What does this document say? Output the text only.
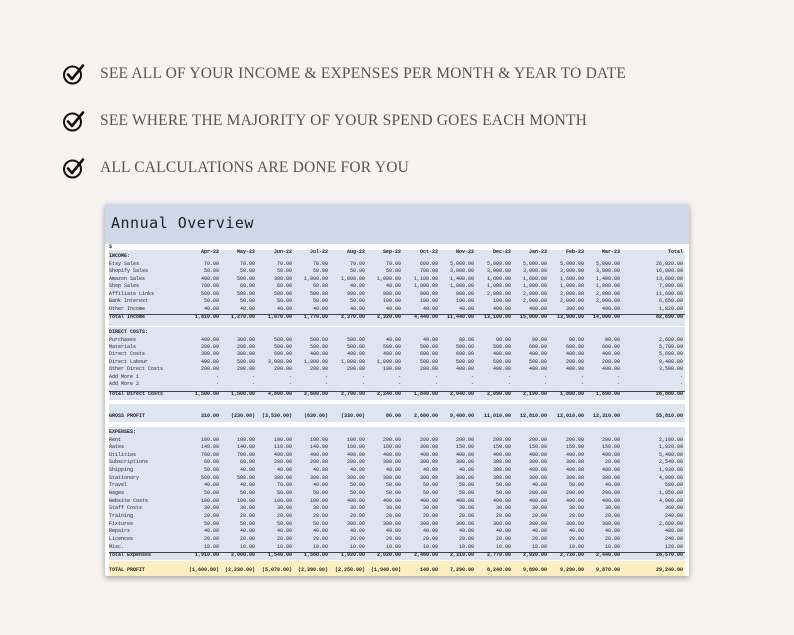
SEE ALL OF YOUR INCOME & EXPENSES PER MONTH & YEAR TO DATE
SEE WHERE THE MAJORITY OF YOUR SPEND GOES EACH MONTH
ALL CALCULATIONS ARE DONE FOR YOU
Annual Overview
$
Apr-22	May-22	Jun-22	Jul-22	Aug-22	Sep-22	Oct-22	Nov-22	Dec-22	Jan-23	Feb-23	Mar-23	Total
INCOME:
Etsy Sales	70.00	70.00	70.00	70.00	70.00	70.00	600.00	5,000.00	5,000.00	5,000.00	5,000.00	5,000.00	26,020.00
Shopify Sales	50.00	50.00	50.00	50.00	50.00	50.00	700.00	3,000.00	3,000.00	3,000.00	3,000.00	3,000.00	16,000.00
Amazon Sales	400.00	500.00	300.00	1,000.00	1,000.00	1,000.00	1,100.00	1,400.00	1,600.00	1,600.00	1,600.00	1,400.00	13,600.00
Shop Sales	700.00	60.00	60.00	60.00	40.00	40.00	1,000.00	1,000.00	1,000.00	1,000.00	1,000.00	1,000.00	7,000.00
Affiliate Links	500.00	500.00	500.00	500.00	900.00	900.00	900.00	900.00	2,000.00	2,000.00	2,000.00	2,000.00	11,600.00
Bank Interest	50.00	50.00	50.00	50.00	50.00	100.00	100.00	100.00	100.00	2,000.00	2,000.00	2,000.00	6,650.00
Other Income	40.00	40.00	40.00	40.00	40.00	40.00	40.00	40.00	400.00	400.00	300.00	400.00	1,820.00
Total Income	1,810.00	1,270.00	1,070.00	1,770.00	2,370.00	2,320.00	4,440.00	11,440.00	13,100.00	15,000.00	13,900.00	14,000.00	82,690.00
DIRECT COSTS:
Purchases	400.00	300.00	500.00	500.00	500.00	40.00	40.00	80.00	90.00	90.00	90.00	90.00	2,680.00
Materials	200.00	200.00	500.00	500.00	500.00	500.00	500.00	500.00	500.00	600.00	600.00	600.00	5,700.00
Direct Costs	300.00	300.00	600.00	400.00	400.00	400.00	600.00	600.00	400.00	400.00	400.00	400.00	5,600.00
Direct Labour	400.00	500.00	3,000.00	1,000.00	1,000.00	1,000.00	500.00	500.00	500.00	500.00	200.00	200.00	9,400.00
Other Direct Costs	200.00	200.00	200.00	200.00	200.00	100.00	200.00	400.00	400.00	400.00	400.00	400.00	3,500.00
Add More 1	-	-	-	-	-	-	-	-	-	-	-	-	-
Add More 2	-	-	-	-	-	-	-	-	-	-	-	-	-
Total Direct Costs	1,500.00	1,500.00	4,600.00	2,600.00	2,700.00	2,240.00	1,840.00	2,040.00	2,090.00	2,190.00	1,890.00	1,690.00	26,880.00
GROSS PROFIT	310.00	(230.00)	(3,530.00)	(830.00)	(330.00)	80.00	2,600.00	9,400.00	11,010.00	12,810.00	12,010.00	12,310.00	55,810.00
EXPENSES:
Rent	100.00	100.00	100.00	100.00	100.00	200.00	200.00	200.00	200.00	200.00	200.00	200.00	2,100.00
Rates	140.00	140.00	110.00	140.00	160.00	160.00	300.00	150.00	150.00	150.00	150.00	150.00	1,920.00
Utilities	700.00	700.00	400.00	400.00	400.00	400.00	400.00	400.00	400.00	400.00	400.00	400.00	5,400.00
Subscriptions	60.00	60.00	200.00	200.00	200.00	300.00	300.00	300.00	300.00	300.00	300.00	20.00	2,540.00
Shipping	50.00	40.00	40.00	40.00	40.00	40.00	40.00	40.00	300.00	400.00	400.00	400.00	1,930.00
Stationary	500.00	500.00	300.00	300.00	300.00	300.00	300.00	300.00	300.00	300.00	300.00	300.00	4,000.00
Travel	40.00	40.00	70.00	40.00	50.00	50.00	50.00	50.00	50.00	40.00	50.00	40.00	580.00
Wages	50.00	50.00	50.00	50.00	50.00	50.00	50.00	50.00	50.00	200.00	200.00	200.00	1,050.00
Website Costs	100.00	100.00	100.00	100.00	400.00	400.00	400.00	400.00	400.00	400.00	400.00	400.00	4,000.00
Staff Costs	30.00	30.00	30.00	30.00	30.00	30.00	30.00	30.00	30.00	30.00	30.00	30.00	360.00
Training	20.00	20.00	20.00	20.00	20.00	20.00	20.00	20.00	20.00	20.00	20.00	20.00	240.00
Fixtures	50.00	50.00	50.00	50.00	300.00	300.00	300.00	300.00	300.00	300.00	300.00	300.00	2,600.00
Repairs	40.00	40.00	40.00	40.00	40.00	40.00	40.00	40.00	40.00	40.00	40.00	40.00	480.00
Licences	20.00	20.00	20.00	20.00	20.00	20.00	20.00	20.00	20.00	20.00	20.00	20.00	240.00
Misc.	10.00	10.00	10.00	10.00	10.00	10.00	10.00	10.00	10.00	10.00	10.00	10.00	120.00
Total Expenses	1,910.00	2,000.00	1,540.00	1,560.00	1,920.00	2,020.00	2,460.00	2,310.00	2,770.00	2,920.00	2,720.00	2,440.00	26,570.00
TOTAL PROFIT	(1,600.00)	(2,230.00)	(5,070.00)	(2,390.00)	(2,250.00)	(1,940.00)	140.00	7,290.00	8,240.00	9,890.00	9,290.00	9,870.00	29,240.00
